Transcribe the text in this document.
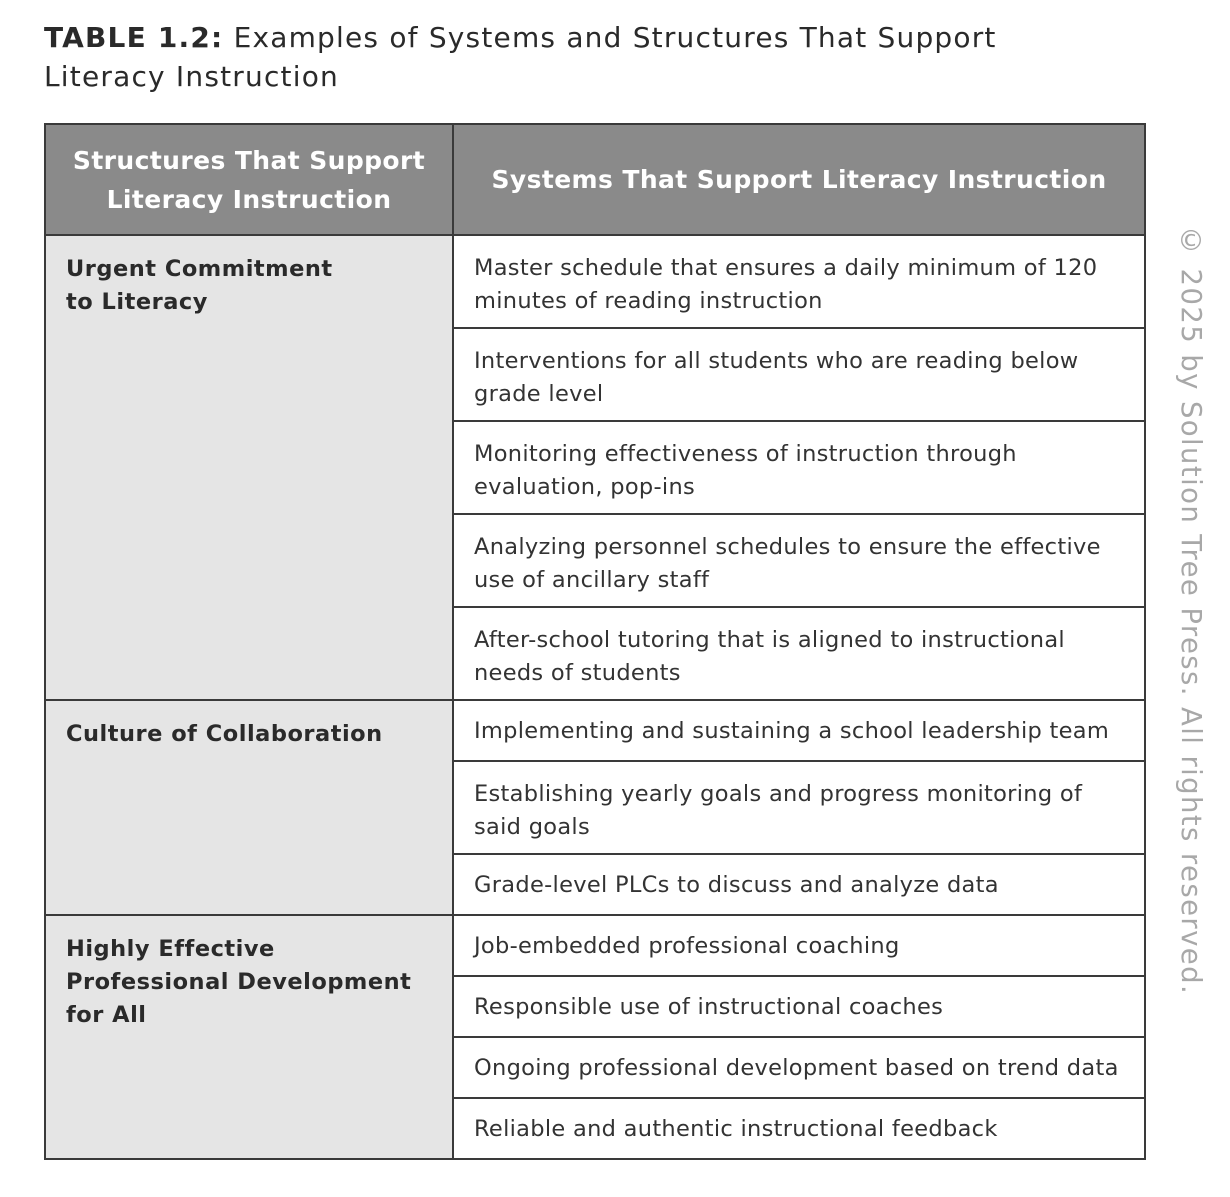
TABLE 1.2: Examples of Systems and Structures That Support Literacy Instruction
Structures That Support Literacy Instruction	Systems That Support Literacy Instruction

Urgent Commitment to Literacy	Master schedule that ensures a daily minimum of 120 minutes of reading instruction
	Interventions for all students who are reading below grade level
	Monitoring effectiveness of instruction through evaluation, pop-ins
	Analyzing personnel schedules to ensure the effective use of ancillary staff
	After-school tutoring that is aligned to instructional needs of students

Culture of Collaboration	Implementing and sustaining a school leadership team
	Establishing yearly goals and progress monitoring of said goals
	Grade-level PLCs to discuss and analyze data

Highly Effective Professional Development for All	Job-embedded professional coaching
	Responsible use of instructional coaches
	Ongoing professional development based on trend data
	Reliable and authentic instructional feedback
© 2025 by Solution Tree Press. All rights reserved.
